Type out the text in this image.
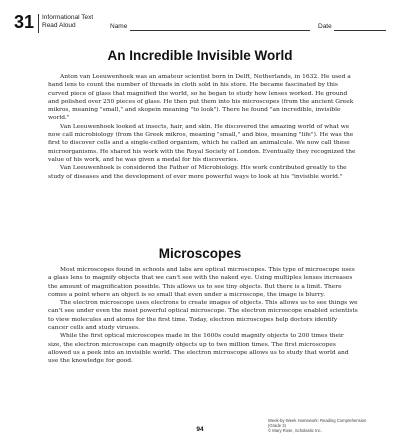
31 Informational Text
Read Aloud	Name	Date
An Incredible Invisible World

Anton van Leeuwenhoek was an amateur scientist born in Delft, Netherlands, in 1632. He used a hand lens to count the number of threads in cloth sold in his store. He became fascinated by this curved piece of glass that magnified the world, so he began to study how lenses worked. He ground and polished over 250 pieces of glass. He then put them into his microscopes (from the ancient Greek mikros, meaning "small," and skopein meaning "to look"). There he found "an incredible, invisible world."

Van Leeuwenhoek looked at insects, hair, and skin. He discovered the amazing world of what we now call microbiology (from the Greek mikros, meaning "small," and bios, meaning "life"). He was the first to discover cells and a single-celled organism, which he called an animalcule. We now call these microorganisms. He shared his work with the Royal Society of London. Eventually they recognized the value of his work, and he was given a medal for his discoveries.

Van Leeuwenhoek is considered the Father of Microbiology. His work contributed greatly to the study of diseases and the development of ever more powerful ways to look at his "invisible world."

Microscopes

Most microscopes found in schools and labs are optical microscopes. This type of microscope uses a glass lens to magnify objects that we can't see with the naked eye. Using multiples lenses increases the amount of magnification possible. This allows us to see tiny objects. But there is a limit. There comes a point where an object is so small that even under a microscope, the image is blurry.

The electron microscope uses electrons to create images of objects. This allows us to see things we can't see under even the most powerful optical microscope. The electron microscope enabled scientists to view molecules and atoms for the first time. Today, electron microscopes help doctors identify cancer cells and study viruses.

While the first optical microscopes made in the 1600s could magnify objects to 200 times their size, the electron microscope can magnify objects up to two million times. The first microscopes allowed us a peek into an invisible world. The electron microscope allows us to study that world and use the knowledge for good.

Week-by-Week Homework: Reading Comprehension (Grade 3)
© Mary Rose, Scholastic Inc.
94
